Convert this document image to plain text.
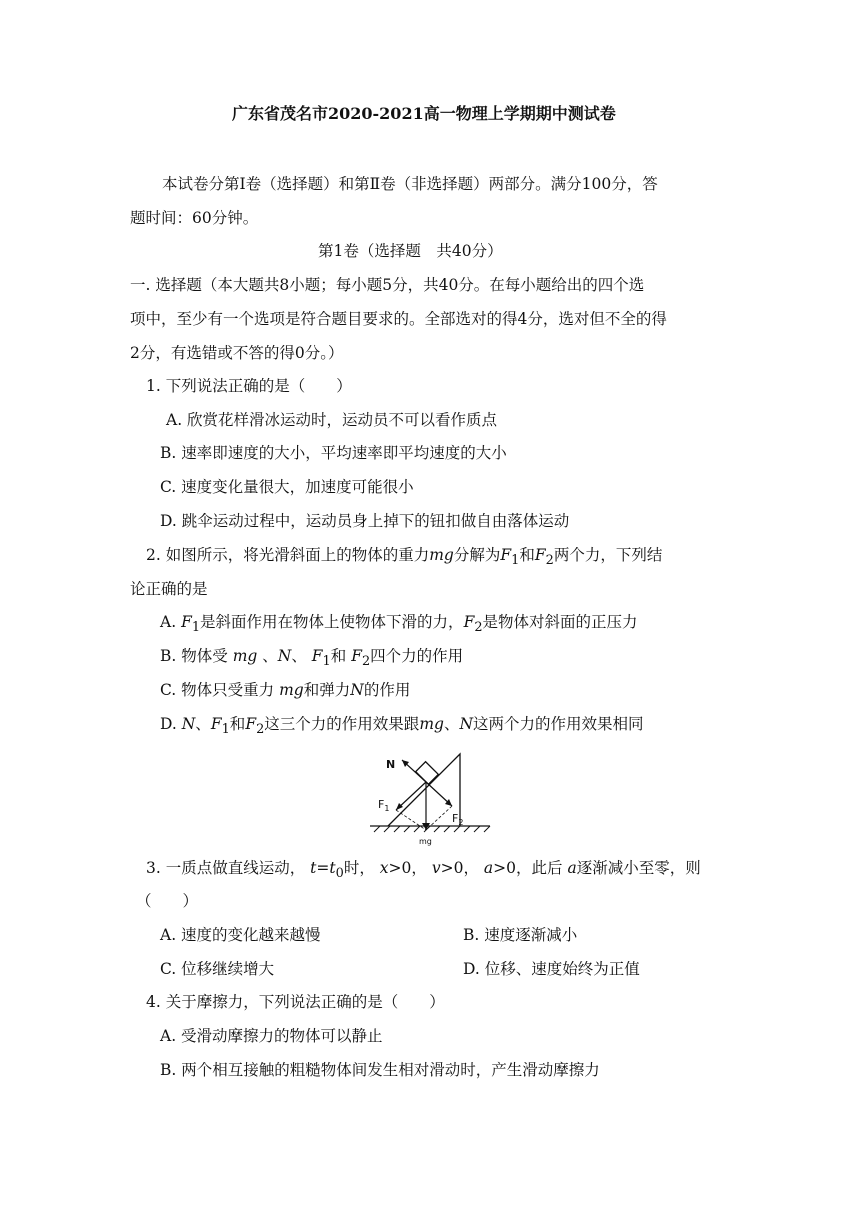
广东省茂名市2020-2021高一物理上学期期中测试卷
本试卷分第Ⅰ卷（选择题）和第Ⅱ卷（非选择题）两部分。满分100分，答
题时间：60分钟。
第1卷（选择题　共40分）
一. 选择题（本大题共8小题；每小题5分，共40分。在每小题给出的四个选
项中，至少有一个选项是符合题目要求的。全部选对的得4分，选对但不全的得
2分，有选错或不答的得0分。）
1. 下列说法正确的是（　　）
A. 欣赏花样滑冰运动时，运动员不可以看作质点
B. 速率即速度的大小，平均速率即平均速度的大小
C. 速度变化量很大，加速度可能很小
D. 跳伞运动过程中，运动员身上掉下的钮扣做自由落体运动
2. 如图所示，将光滑斜面上的物体的重力mg分解为$F_1$和$F_2$两个力，下列结
论正确的是
A. $F_1$是斜面作用在物体上使物体下滑的力，$F_2$是物体对斜面的正压力
B. 物体受 mg 、N、 $F_1$和 $F_2$四个力的作用
C. 物体只受重力 mg和弹力N的作用
D. N、$F_1$和$F_2$这三个力的作用效果跟mg、N这两个力的作用效果相同
N
$F_1$
$F_2$
mg
3. 一质点做直线运动， $t=t_0$时， x>0， v>0， a>0，此后 a逐渐减小至零，则
（　　）
A. 速度的变化越来越慢	B. 速度逐渐减小
C. 位移继续增大	D. 位移、速度始终为正值
4. 关于摩擦力，下列说法正确的是（　　）
A. 受滑动摩擦力的物体可以静止
B. 两个相互接触的粗糙物体间发生相对滑动时，产生滑动摩擦力
